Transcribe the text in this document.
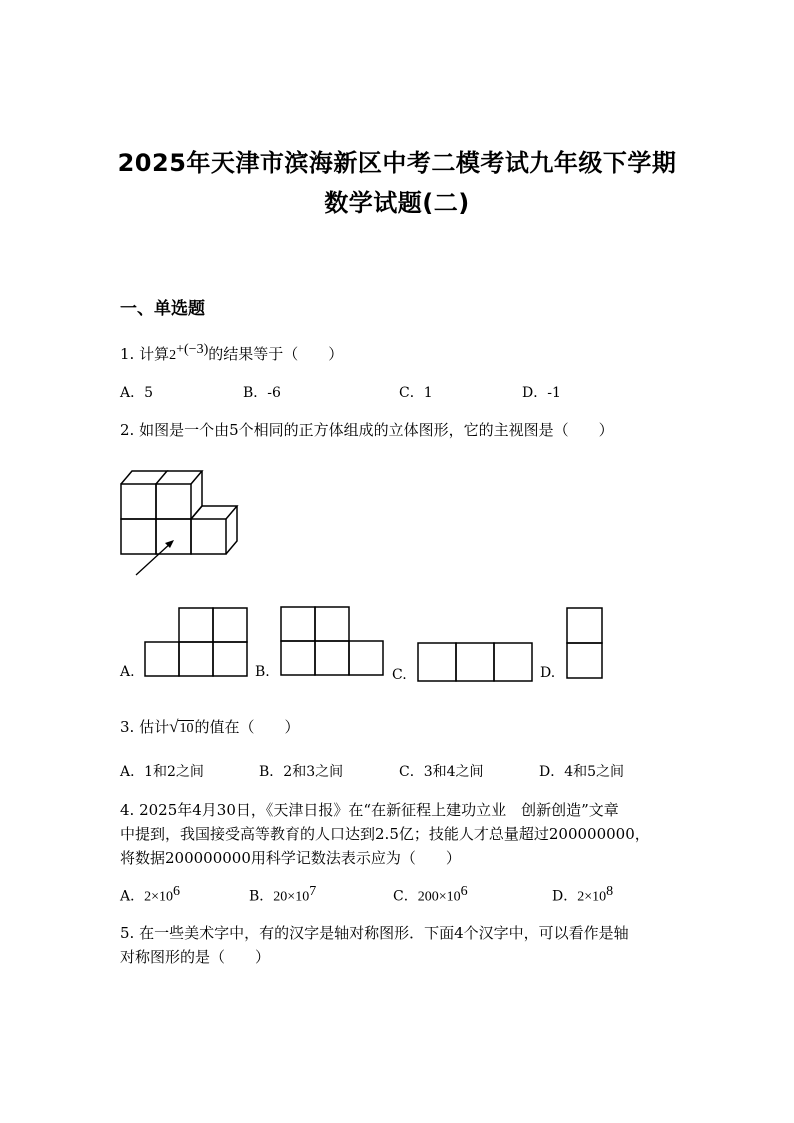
2025年天津市滨海新区中考二模考试九年级下学期
数学试题(二)
一、单选题
1. 计算$2^{+(-3)}$的结果等于（　　）
A．5	B．-6	C．1	D．-1
2. 如图是一个由5个相同的正方体组成的立体图形，它的主视图是（　　）
A.	B.	C.	D.
3. 估计√10的值在（　　）
A．1和2之间	B．2和3之间	C．3和4之间	D．4和5之间
4. 2025年4月30日，《天津日报》在“在新征程上建功立业　创新创造”文章
中提到，我国接受高等教育的人口达到2.5亿；技能人才总量超过200000000，
将数据200000000用科学记数法表示应为（　　）
A．$2\times 10^6$	B．$20\times 10^7$	C．$200\times 10^6$	D．$2\times 10^8$
5. 在一些美术字中，有的汉字是轴对称图形．下面4个汉字中，可以看作是轴
对称图形的是（　　）
